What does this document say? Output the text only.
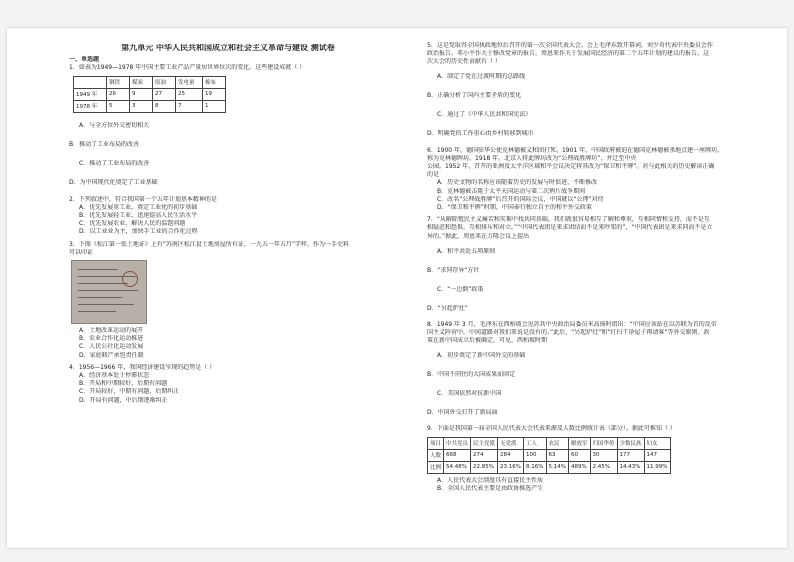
第九单元 中华人民共和国成立和社会主义革命与建设 测试卷
一、单选题
1．如表为1949—1978 年中国主要工业产品产量居世界位次的变化。这些建设成就（ ）
	钢铁	煤炭	原油	发电量	棉布
1949 年	26	9	27	25	19
1978 年	5	3	8	7	1
A．与全方位外交密切相关B．推动了工业布局的改善 C．推动了工业布局的改善D．为中国现代化奠定了工业基础
2．下列叙述中，符合我国第一个五年计划基本精神的是
A．优先发展重工业，奠定工业化的初步基础
B．优先发展轻工业，迅速提高人民生活水平
C．优先发展农业，解决人民的温饱问题
D．以工业业为主，加快手工业的合作化过程
3．下图《松江第一张土地证》上有“苏南区松江县土地房屋所有证，一九五一年五月”字样，作为一手史料
可以印证
A．土地改革运动的展开
B．农业合作化运动推进
C．人民公社化运动发展
D．家庭联产承包责任制
4．1956—1966 年，我国经济建设呈现的趋势是（ ）
A．经济基本处于停滞状态
B．开局和中期较好，后期有问题
C．开局较好，中期有问题，后期纠正
D．开局有问题，中后期逐渐纠正
5．这是党取得全国执政地位后召开的第一次全国代表大会。会上毛泽东致开幕词，刘少奇代表中央委员会作
政治报告，邓小平作关于修改党章的报告，周恩来作关于发展国民经济的第二个五年计划的建议的报告。这
次大会的历史性贡献有（ ）
A．制定了党在过渡时期的总路线B．正确分析了国内主要矛盾的变化 C．通过了《中华人民共和国宪法》D．明确党的工作重心由乡村转移到城市
6．1900 年，德国驻华公使克林德被义和团打死。1901 年，中国政府被迫在德国克林德被杀地点建一座牌坊，
称为克林德牌坊。1918 年，北京人将此牌坊改为“公理战胜牌坊”，并迁至中央
公园。1952 年，召开的亚洲及太平洋区域和平会议决定将其改为“保卫和平牌”。对与此相关的历史解读正确
的是
A．历史文物的名称应该随着历史的发展与时俱进，不断修改
B．克林德被击毙于太平天国运动与第二次鸦片战争期间
C．改名“公理战胜牌”后召开的国际会议，中国就以“公理”对待
D．“保卫和平牌”时期，中国奉行独立自主的和平外交政策
7．“从解除殖民主义痛苦和灾难中找共同基础，我们就很容易相互了解和尊重，互相同情和支持，而不是互
相疑虑和恐惧，互相排斥和对立。”“中国代表团是来求团结而不是来吵架的”，“中国代表团是来求同而不是立
异的。”据此，周恩来在万隆会议上提出
A．和平共处五项原则B．“求同存异”方针 C．“一边倒”政策D．“另起炉灶”
8．1949 年 3 月，毛泽东在西柏坡会见苏共中央政治局委员米高扬时指出：“中国应该站在以苏联为首的反帝
国主义阵营中，中间道路对我们来说是没有的。”此后，“另起炉灶”和“打扫干净屋子再请客”等外交原则、政
策在新中国成立后被确定，可见，西柏坡时期
A．初步奠定了新中国外交的基础B．中国不同往的大国成果而固定 C．美国依然对抗新中国D．中国外交打开了新局面
9．下面是我国第一届全国人民代表大会代表来源及人数比例统计表（部分）。据此可推知（ ）
项目	中共党员	民主党派	无党派	工人	农民	解放军	归国华侨	少数民族	妇女
人数	668	274	284	100	63	60	30	177	147
比例	54.48%	22.85%	23.16%	8.16%	5.14%	489%	2.45%	14.43%	11.99%
A．人民代表大会制度具有直接民主性质
B．全国人民代表主要是由政协推选产生
